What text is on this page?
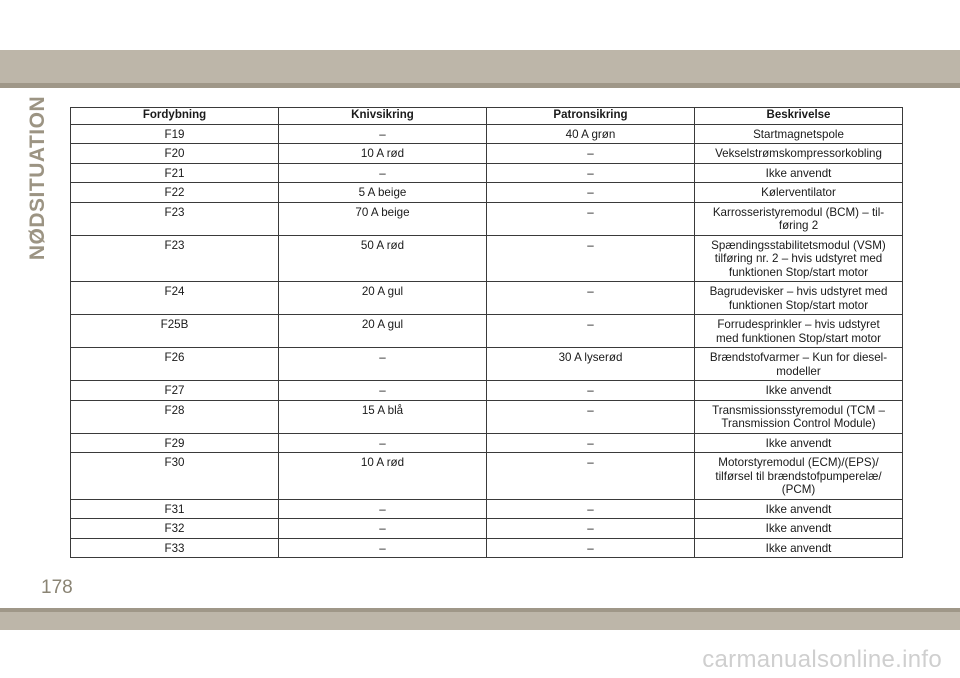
NØDSITUATION	Fordybning	Knivsikring	Patronsikring	Beskrivelse
F19	–	40 A grøn	Startmagnetspole
F20	10 A rød	–	Vekselstrømskompressorkobling
F21	–	–	Ikke anvendt
F22	5 A beige	–	Kølerventilator
F23	70 A beige	–	Karrosseristyremodul (BCM) – til-
føring 2
F23	50 A rød	–	Spændingsstabilitetsmodul (VSM)
tilføring nr. 2 – hvis udstyret med
funktionen Stop/start motor
F24	20 A gul	–	Bagrudevisker – hvis udstyret med
funktionen Stop/start motor
F25B	20 A gul	–	Forrudesprinkler – hvis udstyret
med funktionen Stop/start motor
F26	–	30 A lyserød	Brændstofvarmer – Kun for diesel-
modeller
F27	–	–	Ikke anvendt
F28	15 A blå	–	Transmissionsstyremodul (TCM –
Transmission Control Module)
F29	–	–	Ikke anvendt
F30	10 A rød	–	Motorstyremodul (ECM)/(EPS)/
tilførsel til brændstofpumperelæ/
(PCM)
F31	–	–	Ikke anvendt
F32	–	–	Ikke anvendt
F33	–	–	Ikke anvendt
178
carmanualsonline.info
